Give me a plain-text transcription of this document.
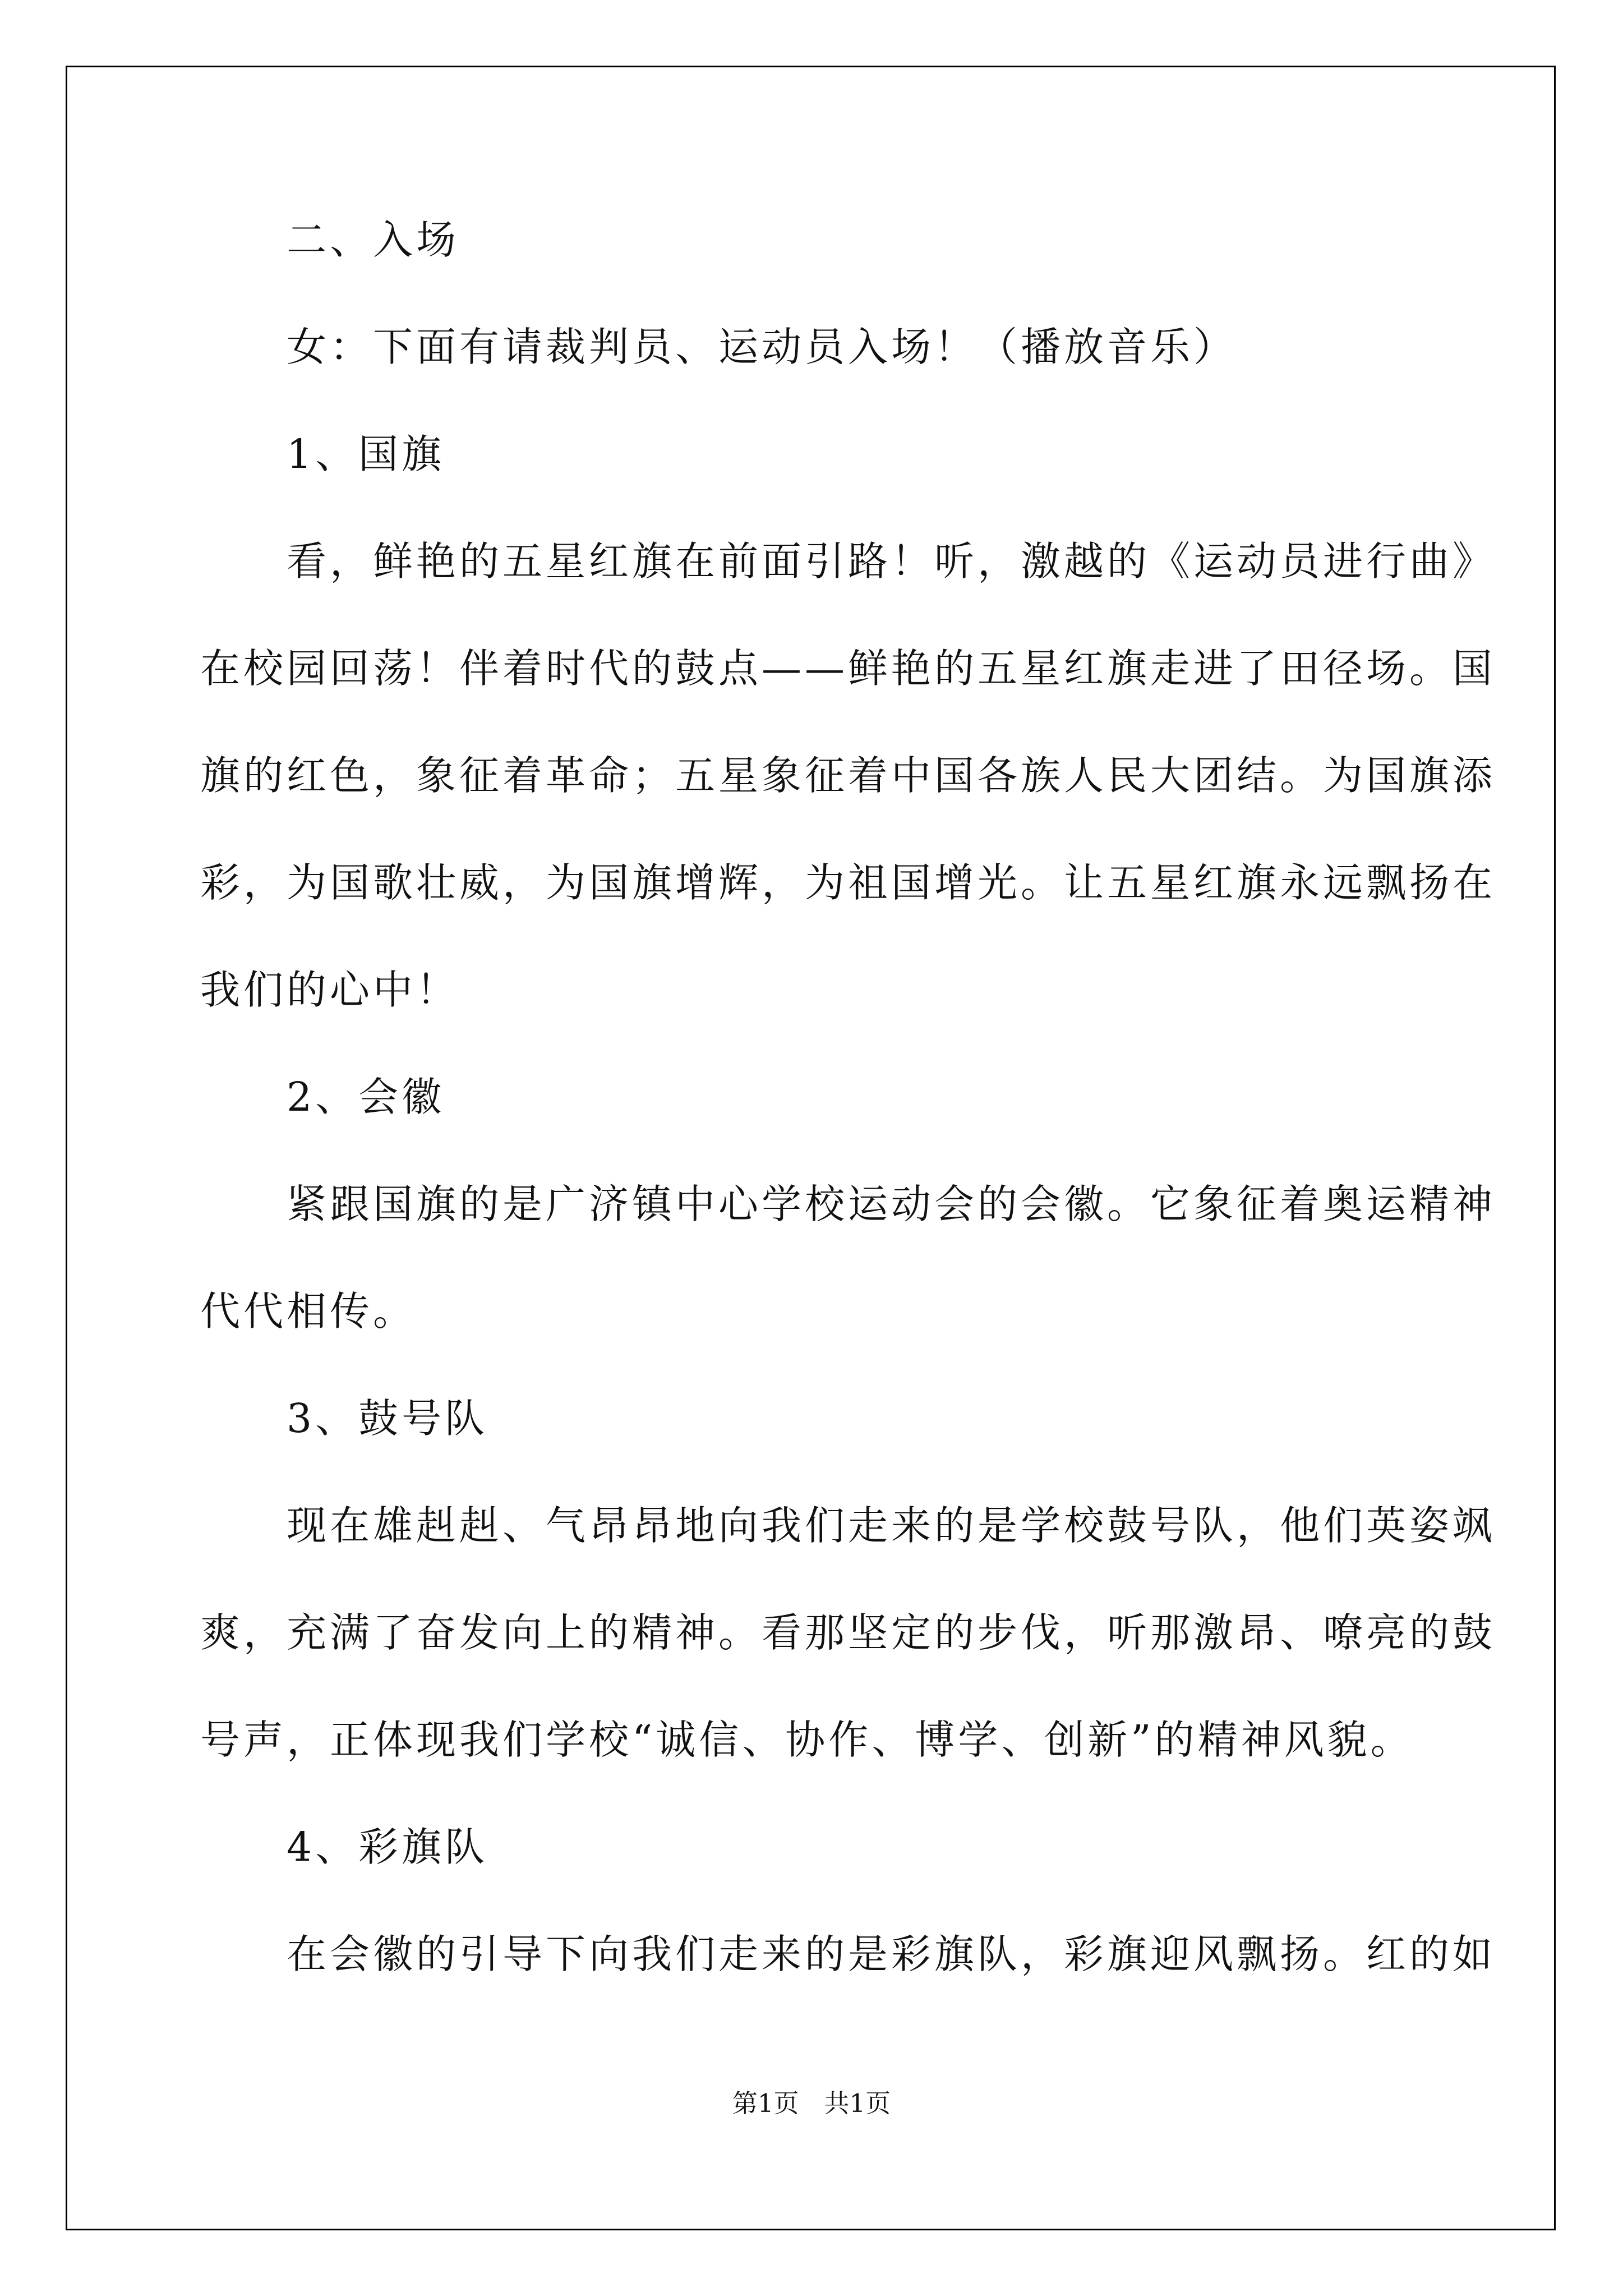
　　二、入场
　　女：下面有请裁判员、运动员入场！（播放音乐）
　　1、国旗
　　看，鲜艳的五星红旗在前面引路！听，激越的《运动员进行曲》
在校园回荡！伴着时代的鼓点——鲜艳的五星红旗走进了田径场。国
旗的红色，象征着革命；五星象征着中国各族人民大团结。为国旗添
彩，为国歌壮威，为国旗增辉，为祖国增光。让五星红旗永远飘扬在
我们的心中！
　　2、会徽
　　紧跟国旗的是广济镇中心学校运动会的会徽。它象征着奥运精神
代代相传。
　　3、鼓号队
　　现在雄赳赳、气昂昂地向我们走来的是学校鼓号队，他们英姿飒
爽，充满了奋发向上的精神。看那坚定的步伐，听那激昂、嘹亮的鼓
号声，正体现我们学校“诚信、协作、博学、创新”的精神风貌。
　　4、彩旗队
　　在会徽的引导下向我们走来的是彩旗队，彩旗迎风飘扬。红的如
第1页　共1页
